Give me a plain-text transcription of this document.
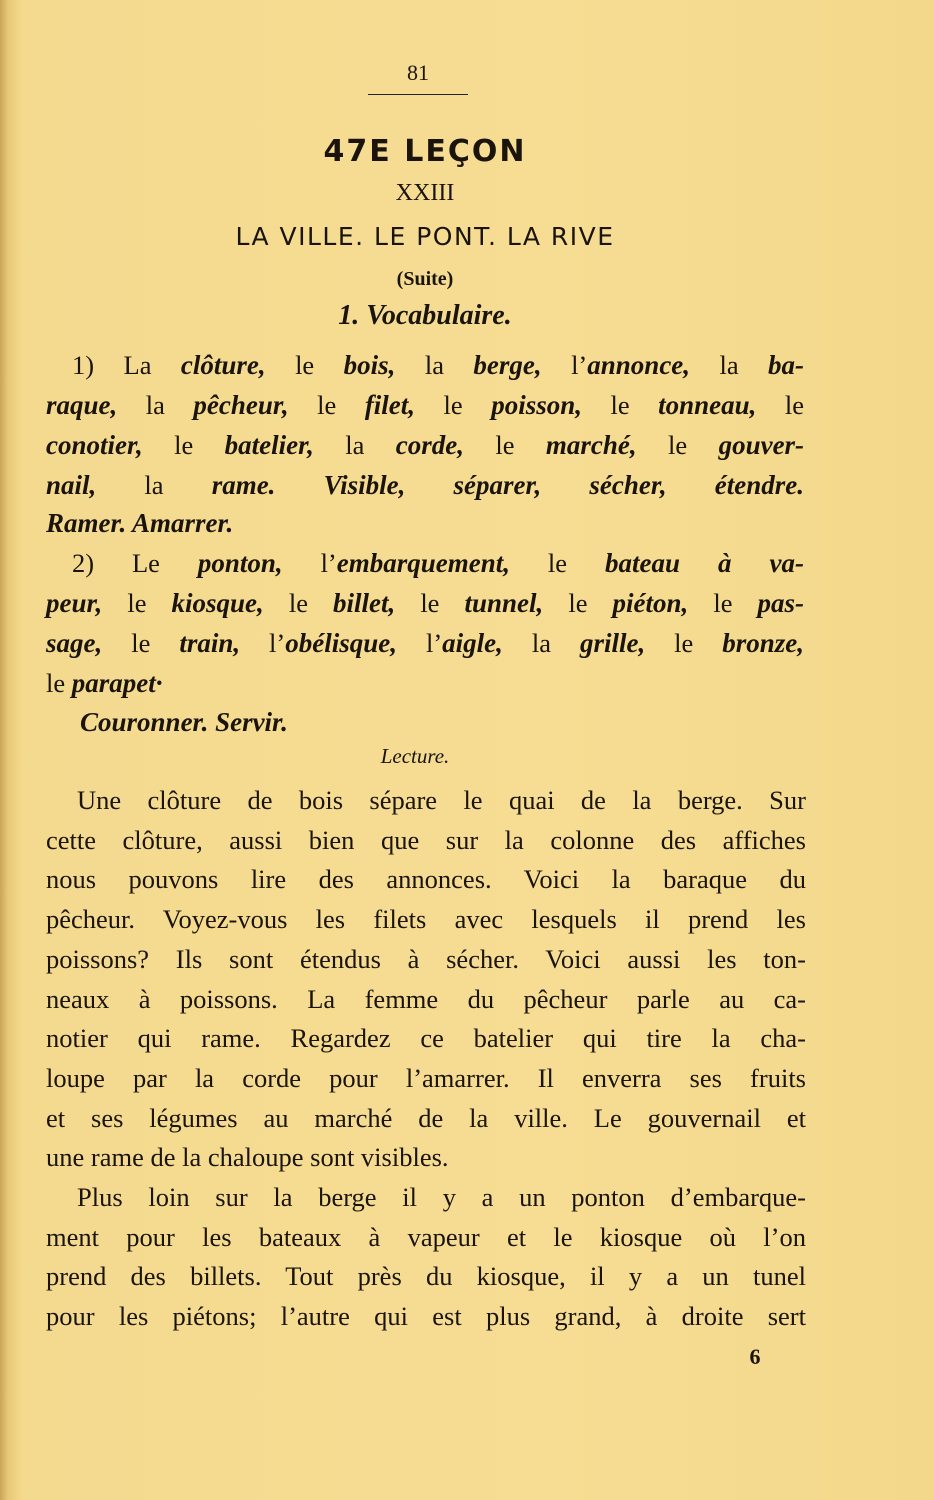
81
47E LEÇON
XXIII
LA VILLE. LE PONT. LA RIVE
(Suite)
1. Vocabulaire.
1) La clôture, le bois, la berge, l’annonce, la ba-
raque, la pêcheur, le filet, le poisson, le tonneau, le
conotier, le batelier, la corde, le marché, le gouver-
nail, la rame. Visible, séparer, sécher, étendre.
Ramer. Amarrer.
2) Le ponton, l’embarquement, le bateau à va-
peur, le kiosque, le billet, le tunnel, le piéton, le pas-
sage, le train, l’obélisque, l’aigle, la grille, le bronze,
le parapet·
Couronner. Servir.
Lecture.
Une clôture de bois sépare le quai de la berge. Sur
cette clôture, aussi bien que sur la colonne des affiches
nous pouvons lire des annonces. Voici la baraque du
pêcheur. Voyez-vous les filets avec lesquels il prend les
poissons? Ils sont étendus à sécher. Voici aussi les ton-
neaux à poissons. La femme du pêcheur parle au ca-
notier qui rame. Regardez ce batelier qui tire la cha-
loupe par la corde pour l’amarrer. Il enverra ses fruits
et ses légumes au marché de la ville. Le gouvernail et
une rame de la chaloupe sont visibles.
Plus loin sur la berge il y a un ponton d’embarque-
ment pour les bateaux à vapeur et le kiosque où l’on
prend des billets. Tout près du kiosque, il y a un tunel
pour les piétons; l’autre qui est plus grand, à droite sert
6
